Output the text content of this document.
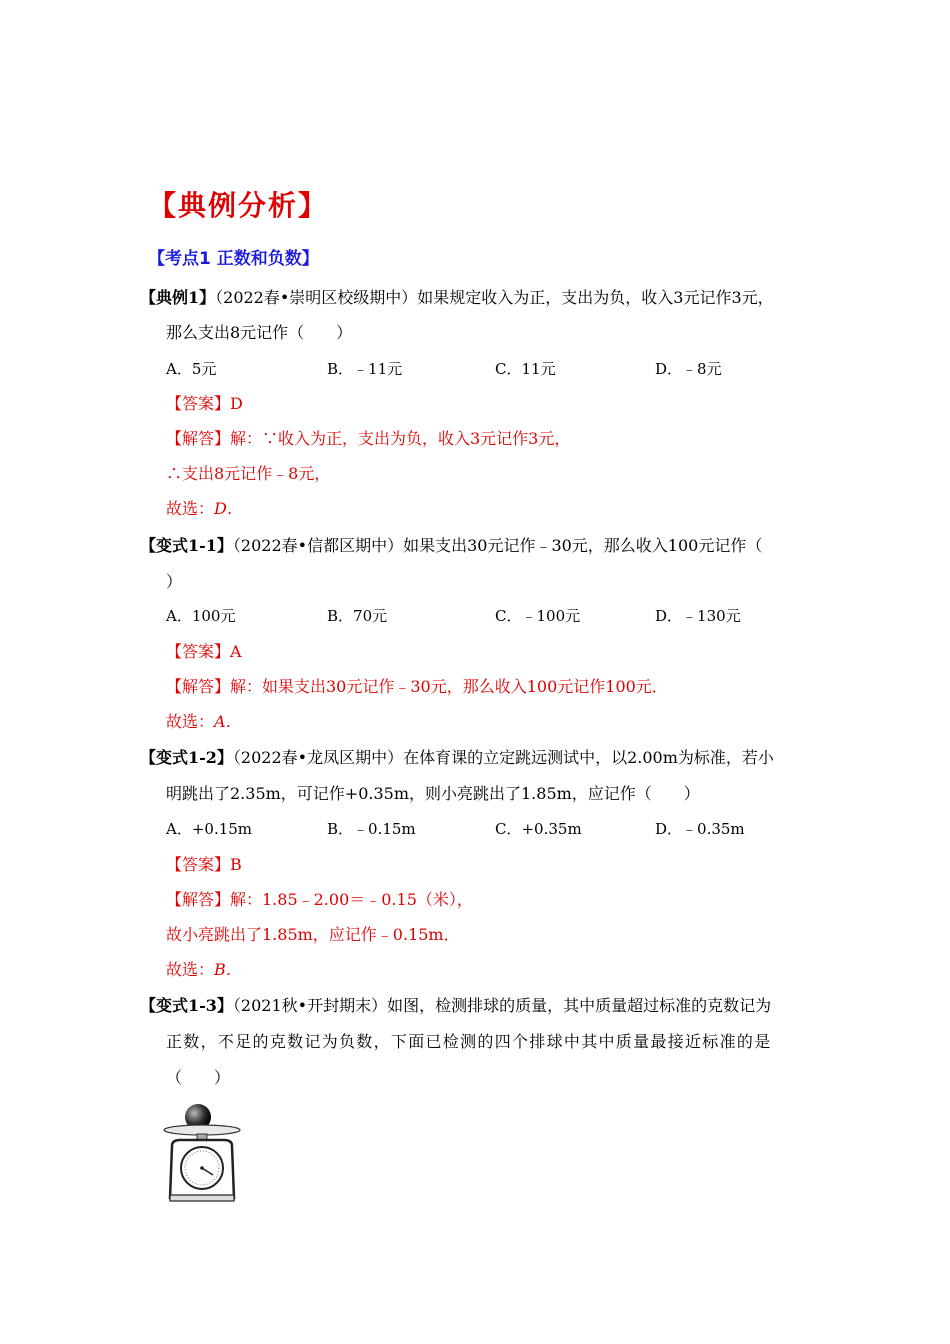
【典例分析】
【考点1 正数和负数】
【典例1】（2022春•崇明区校级期中）如果规定收入为正，支出为负，收入3元记作3元，
那么支出8元记作（　　）
A．5元	B．﹣11元	C．11元	D．﹣8元
【答案】D
【解答】解：∵收入为正，支出为负，收入3元记作3元，
∴支出8元记作﹣8元，
故选：D．
【变式1-1】（2022春•信都区期中）如果支出30元记作﹣30元，那么收入100元记作（
）
A．100元	B．70元	C．﹣100元	D．﹣130元
【答案】A
【解答】解：如果支出30元记作﹣30元，那么收入100元记作100元．
故选：A．
【变式1-2】（2022春•龙凤区期中）在体育课的立定跳远测试中，以2.00m为标准，若小
明跳出了2.35m，可记作+0.35m，则小亮跳出了1.85m，应记作（　　）
A．+0.15m	B．﹣0.15m	C．+0.35m	D．﹣0.35m
【答案】B
【解答】解：1.85﹣2.00＝﹣0.15（米），
故小亮跳出了1.85m，应记作﹣0.15m．
故选：B．
【变式1-3】（2021秋•开封期末）如图，检测排球的质量，其中质量超过标准的克数记为
正数，不足的克数记为负数，下面已检测的四个排球中其中质量最接近标准的是
（　　）
